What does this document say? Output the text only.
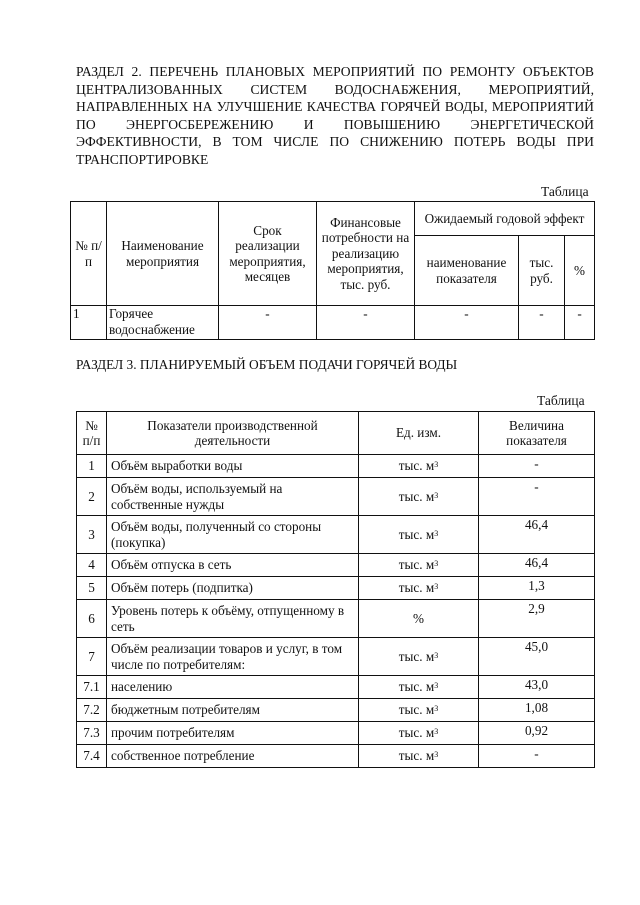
РАЗДЕЛ 2. ПЕРЕЧЕНЬ ПЛАНОВЫХ МЕРОПРИЯТИЙ ПО РЕМОНТУ ОБЪЕКТОВ ЦЕНТРАЛИЗОВАННЫХ СИСТЕМ ВОДОСНАБЖЕНИЯ, МЕРОПРИЯТИЙ, НАПРАВЛЕННЫХ НА УЛУЧШЕНИЕ КАЧЕСТВА ГОРЯЧЕЙ ВОДЫ, МЕРОПРИЯТИЙ ПО ЭНЕРГОСБЕРЕЖЕНИЮ И ПОВЫШЕНИЮ ЭНЕРГЕТИЧЕСКОЙ ЭФФЕКТИВНОСТИ, В ТОМ ЧИСЛЕ ПО СНИЖЕНИЮ ПОТЕРЬ ВОДЫ ПРИ ТРАНСПОРТИРОВКЕ
Таблица
№ п/п	Наименование мероприятия	Срок реализации мероприятия, месяцев	Финансовые потребности на реализацию мероприятия, тыс. руб.	Ожидаемый годовой эффект		
				наименование показателя	тыс. руб.	%
1	Горячее водоснабжение	-	-	-	-	-
РАЗДЕЛ 3. ПЛАНИРУЕМЫЙ ОБЪЕМ ПОДАЧИ ГОРЯЧЕЙ ВОДЫ
Таблица
№ п/п	Показатели производственной деятельности	Ед. изм.	Величина показателя
1	Объём выработки воды	тыс. $м^3$	-
2	Объём воды, используемый на собственные нужды	тыс. $м^3$	-
3	Объём воды, полученный со стороны (покупка)	тыс. $м^3$	46,4
4	Объём отпуска в сеть	тыс. $м^3$	46,4
5	Объём потерь (подпитка)	тыс. $м^3$	1,3
6	Уровень потерь к объёму, отпущенному в сеть	%	2,9
7	Объём реализации товаров и услуг, в том числе по потребителям:	тыс. $м^3$	45,0
7.1	населению	тыс. $м^3$	43,0
7.2	бюджетным потребителям	тыс. $м^3$	1,08
7.3	прочим потребителям	тыс. $м^3$	0,92
7.4	собственное потребление	тыс. $м^3$	-
